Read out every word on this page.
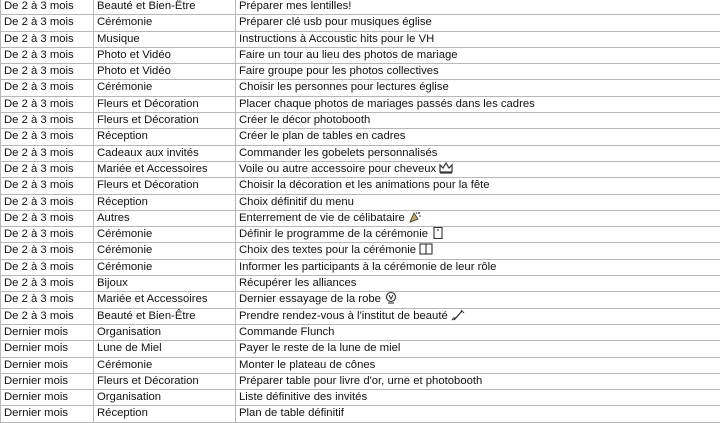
De 2 à 3 mois	Beauté et Bien-Être	Préparer mes lentilles!
De 2 à 3 mois	Cérémonie	Préparer clé usb pour musiques église
De 2 à 3 mois	Musique	Instructions à Accoustic hits pour le VH
De 2 à 3 mois	Photo et Vidéo	Faire un tour au lieu des photos de mariage
De 2 à 3 mois	Photo et Vidéo	Faire groupe pour les photos collectives
De 2 à 3 mois	Cérémonie	Choisir les personnes pour lectures église
De 2 à 3 mois	Fleurs et Décoration	Placer chaque photos de mariages passés dans les cadres
De 2 à 3 mois	Fleurs et Décoration	Créer le décor photobooth
De 2 à 3 mois	Réception	Créer le plan de tables en cadres
De 2 à 3 mois	Cadeaux aux invités	Commander les gobelets personnalisés
De 2 à 3 mois	Mariée et Accessoires	Voile ou autre accessoire pour cheveux

De 2 à 3 mois	Fleurs et Décoration	Choisir la décoration et les animations pour la fête
De 2 à 3 mois	Réception	Choix définitif du menu
De 2 à 3 mois	Autres	Enterrement de vie de célibataire

De 2 à 3 mois	Cérémonie	Définir le programme de la cérémonie

De 2 à 3 mois	Cérémonie	Choix des textes pour la cérémonie

De 2 à 3 mois	Cérémonie	Informer les participants à la cérémonie de leur rôle
De 2 à 3 mois	Bijoux	Récupérer les alliances
De 2 à 3 mois	Mariée et Accessoires	Dernier essayage de la robe

De 2 à 3 mois	Beauté et Bien-Être	Prendre rendez-vous à l'institut de beauté

Dernier mois	Organisation	Commande Flunch
Dernier mois	Lune de Miel	Payer le reste de la lune de miel
Dernier mois	Cérémonie	Monter le plateau de cônes
Dernier mois	Fleurs et Décoration	Préparer table pour livre d'or, urne et photobooth
Dernier mois	Organisation	Liste définitive des invités
Dernier mois	Réception	Plan de table définitif
